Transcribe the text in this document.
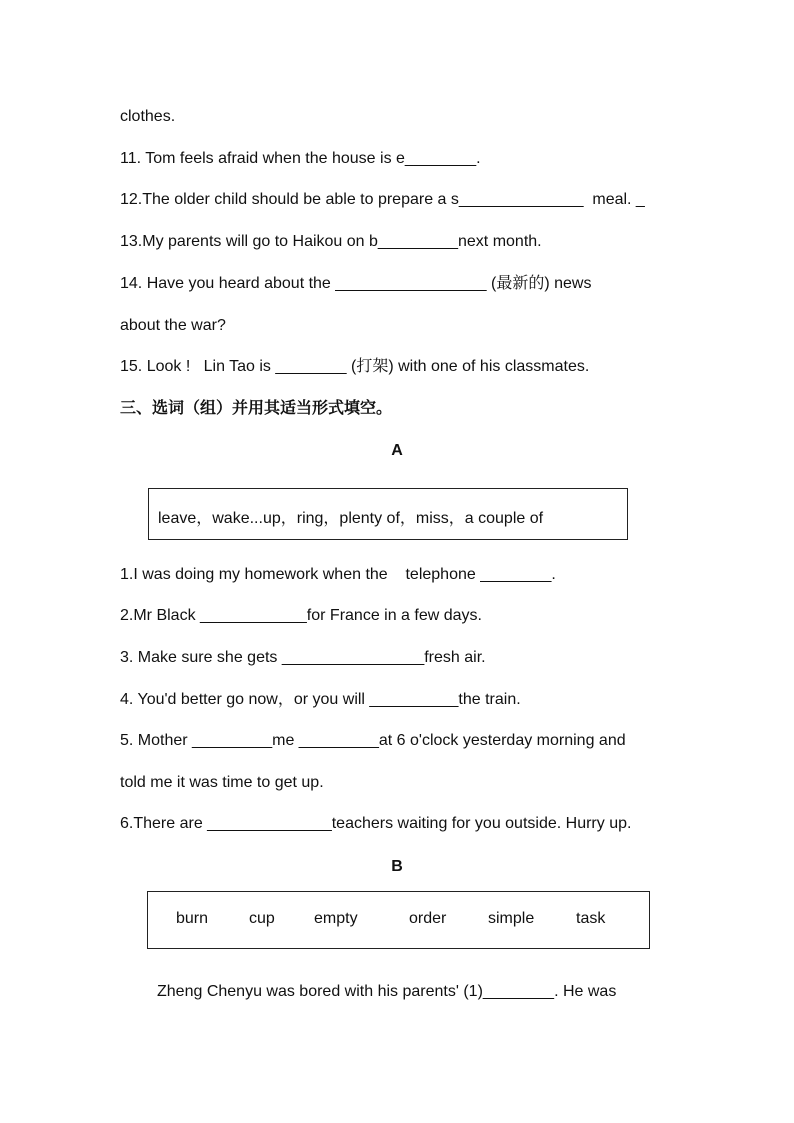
clothes.
11. Tom feels afraid when the house is e________.
12.The older child should be able to prepare a s______________  meal. _
13.My parents will go to Haikou on b_________next month.
14. Have you heard about the _________________ (最新的) news
about the war?
15. Look !   Lin Tao is ________ (打架) with one of his classmates.
三、选词（组）并用其适当形式填空。
A
leave，wake...up，ring，plenty of，miss，a couple of
1.I was doing my homework when the    telephone ________.
2.Mr Black ____________for France in a few days.
3. Make sure she gets ________________fresh air.
4. You'd better go now，or you will __________the train.
5. Mother _________me _________at 6 o'clock yesterday morning and
told me it was time to get up.
6.There are ______________teachers waiting for you outside. Hurry up.
B
burn	cup empty	order	simple	task
Zheng Chenyu was bored with his parents' (1)________. He was
